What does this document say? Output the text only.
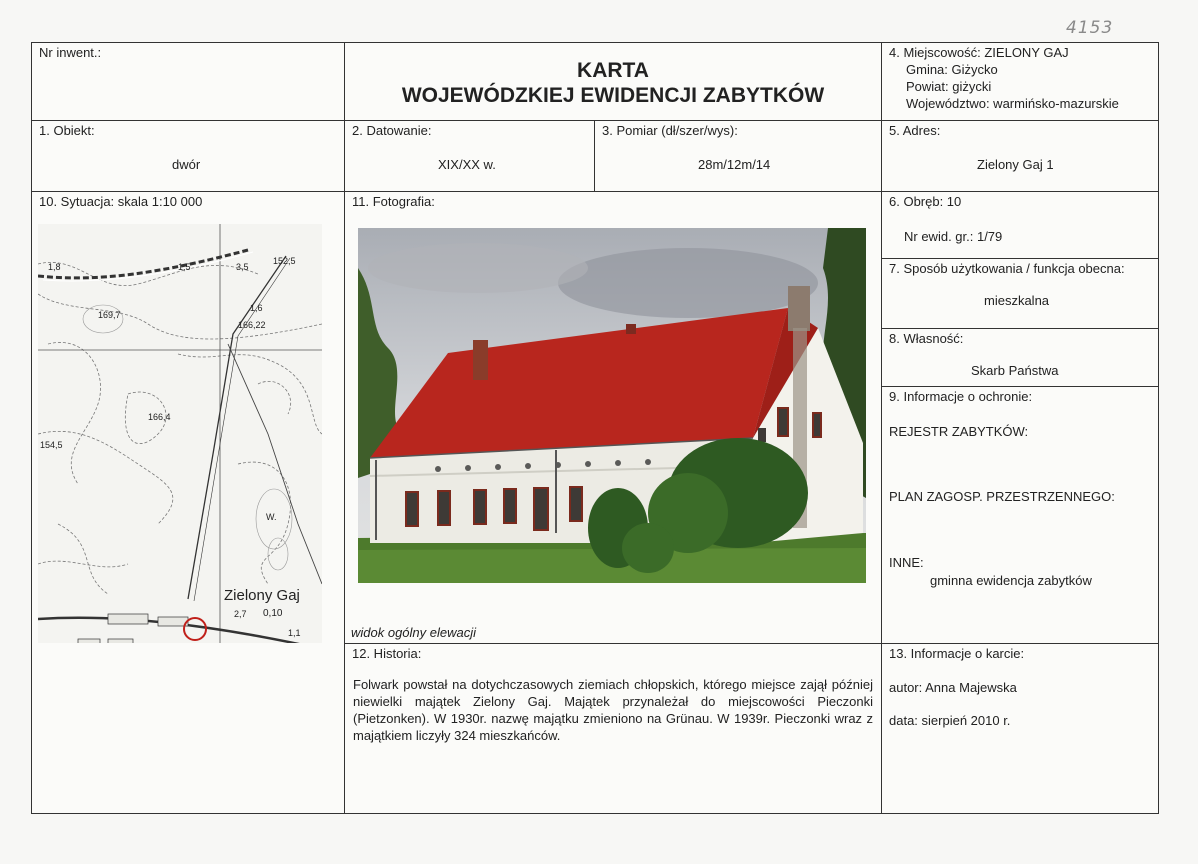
4153
Nr inwent.:
KARTA
WOJEWÓDZKIEJ EWIDENCJI ZABYTKÓW
4. Miejscowość: ZIELONY GAJ
Gmina: Giżycko
Powiat: giżycki
Województwo: warmińsko-mazurskie
1. Obiekt:
dwór
2. Datowanie:
XIX/XX w.
3. Pomiar (dł/szer/wys):
28m/12m/14
5. Adres:
Zielony Gaj 1
10. Sytuacja: skala 1:10 000
152,5
1,8	1,5	3,5
169,7
1,6
166,22
166,4
154,5
W.
Zielony Gaj
2,7 0,10
1,1
11. Fotografia:
widok ogólny elewacji
6. Obręb: 10
Nr ewid. gr.: 1/79
7. Sposób użytkowania / funkcja obecna:
mieszkalna
8. Własność:
Skarb Państwa
9. Informacje o ochronie:
REJESTR ZABYTKÓW:
PLAN ZAGOSP. PRZESTRZENNEGO:
INNE:
gminna ewidencja zabytków
12. Historia:
Folwark powstał na dotychczasowych ziemiach chłopskich, którego miejsce zajął później niewielki majątek Zielony Gaj. Majątek przynależał do miejscowości Pieczonki (Pietzonken). W 1930r. nazwę majątku zmieniono na Grünau. W 1939r. Pieczonki wraz z majątkiem liczyły 324 mieszkańców.
13. Informacje o karcie:
autor: Anna Majewska
data: sierpień 2010 r.
